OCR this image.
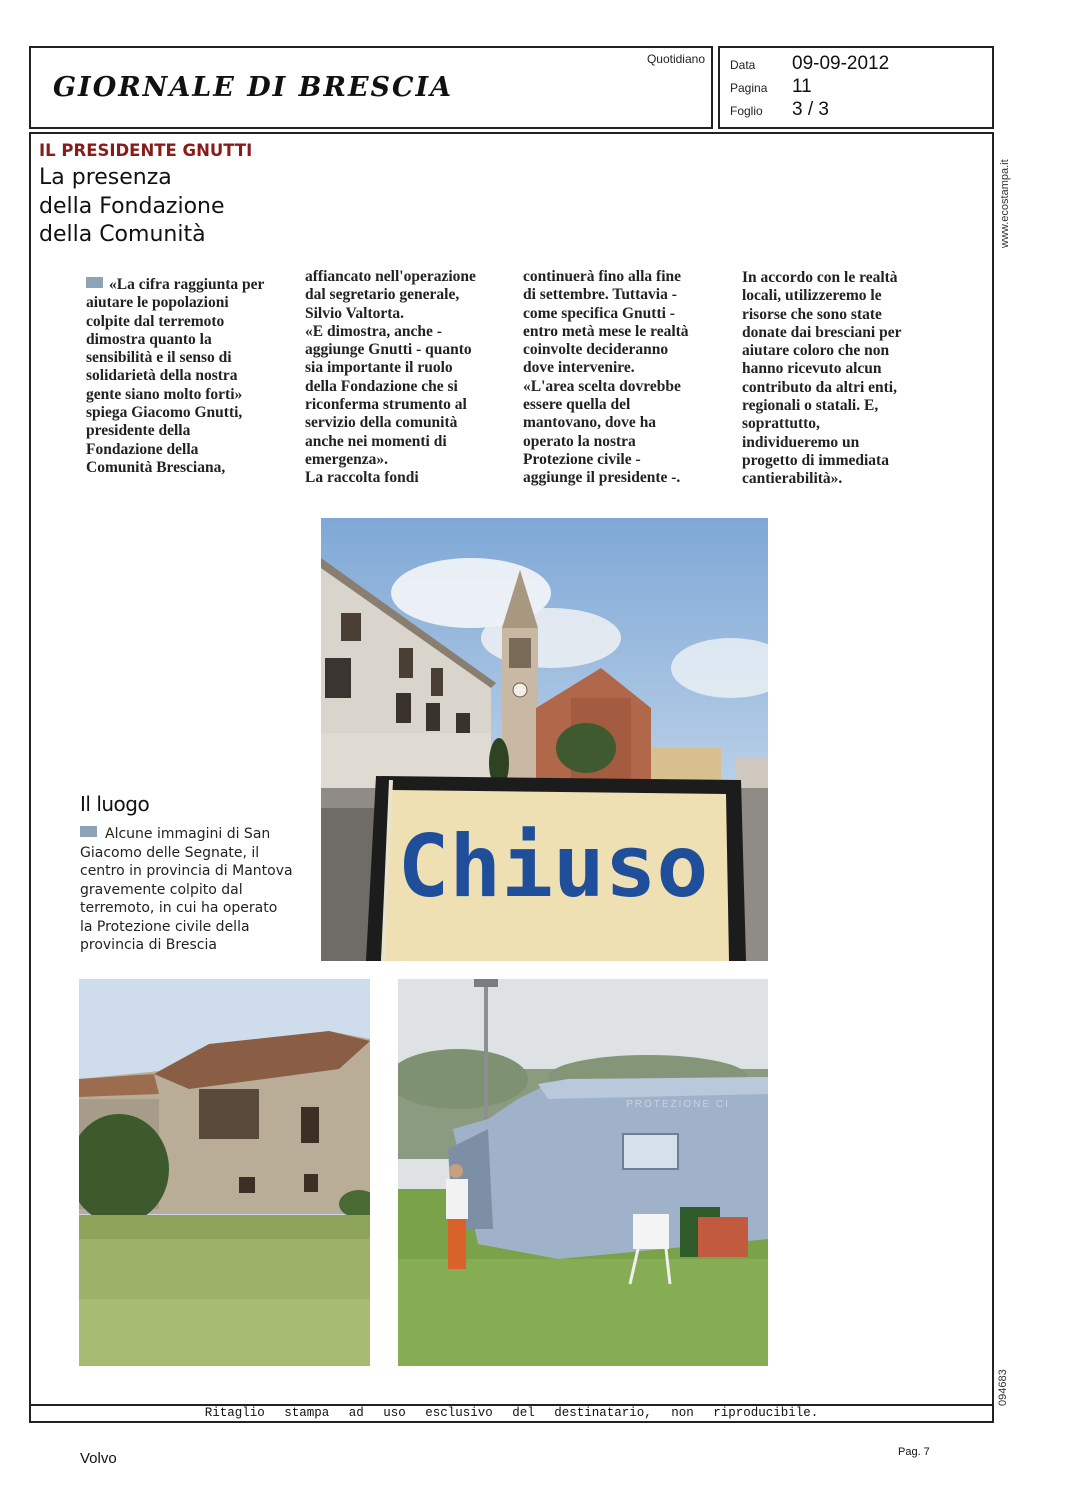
GIORNALE DI BRESCIA
Quotidiano Data 09-09-2012
Pagina 11
Foglio 3 / 3
www.ecostampa.it
094683
IL PRESIDENTE GNUTTI
La presenza
della Fondazione
della Comunità

«La cifra raggiunta per

aiutare le popolazioni

colpite dal terremoto

dimostra quanto la

sensibilità e il senso di

solidarietà della nostra

gente siano molto forti»

spiega Giacomo Gnutti,

presidente della

Fondazione della

Comunità Bresciana,

affiancato nell'operazione

dal segretario generale,

Silvio Valtorta.

«E dimostra, anche -

aggiunge Gnutti - quanto

sia importante il ruolo

della Fondazione che si

riconferma strumento al

servizio della comunità

anche nei momenti di

emergenza».

La raccolta fondi

continuerà fino alla fine

di settembre. Tuttavia -

come specifica Gnutti -

entro metà mese le realtà

coinvolte decideranno

dove intervenire.

«L'area scelta dovrebbe

essere quella del

mantovano, dove ha

operato la nostra

Protezione civile -

aggiunge il presidente -.

In accordo con le realtà

locali, utilizzeremo le

risorse che sono state

donate dai bresciani per

aiutare coloro che non

hanno ricevuto alcun

contributo da altri enti,

regionali o statali. E,

soprattutto,

individueremo un

progetto di immediata

cantierabilità».

Chiuso
Il luogo
Alcune immagini di San
Giacomo delle Segnate, il
centro in provincia di Mantova
gravemente colpito dal
terremoto, in cui ha operato
la Protezione civile della
provincia di Brescia
PROTEZIONE CI
Ritaglio stampa ad uso esclusivo del destinatario, non riproducibile.
Volvo	Pag. 7
